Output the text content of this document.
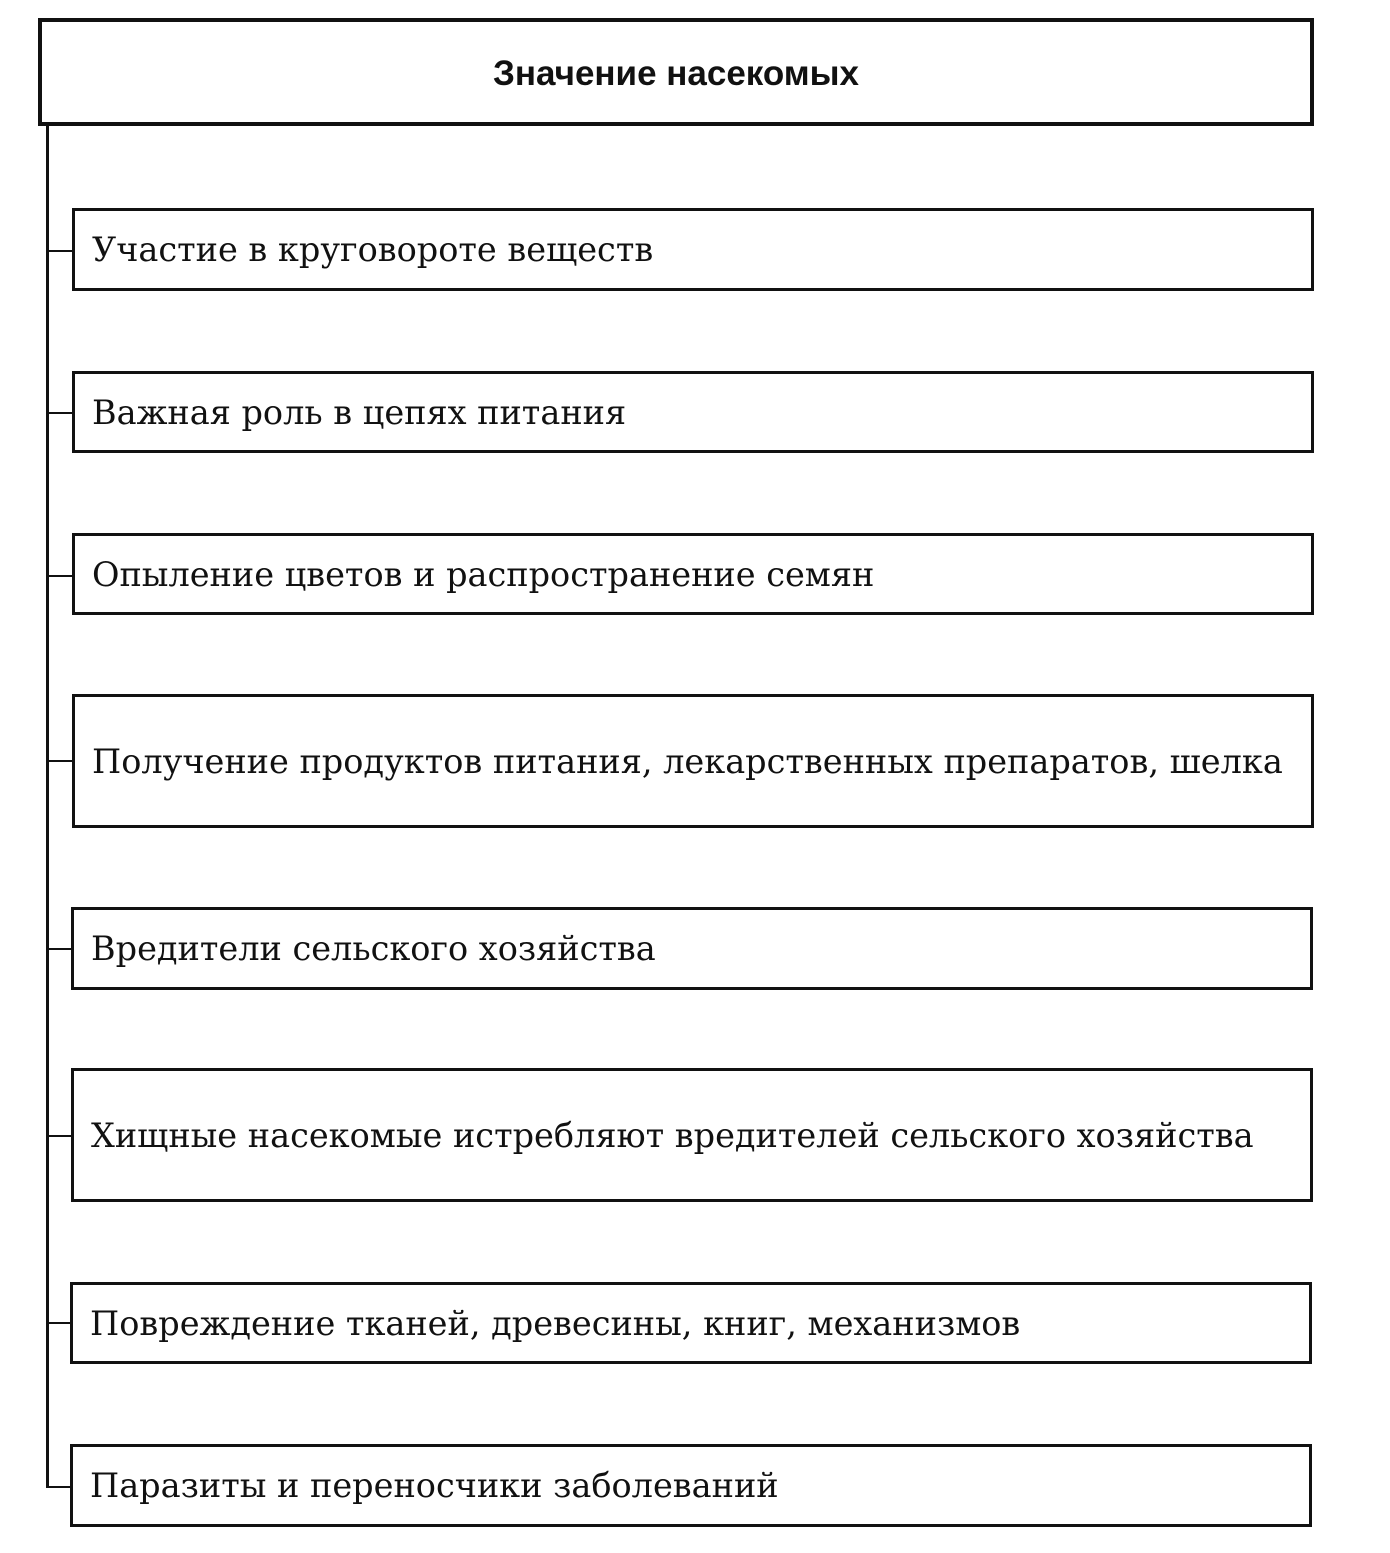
Значение насекомых
Участие в круговороте веществ
Важная роль в цепях питания
Опыление цветов и распространение семян
Получение продуктов питания, лекарственных препаратов, шелка
Вредители сельского хозяйства
Хищные насекомые истребляют вредителей сельского хозяйства
Повреждение тканей, древесины, книг, механизмов
Паразиты и переносчики заболеваний
